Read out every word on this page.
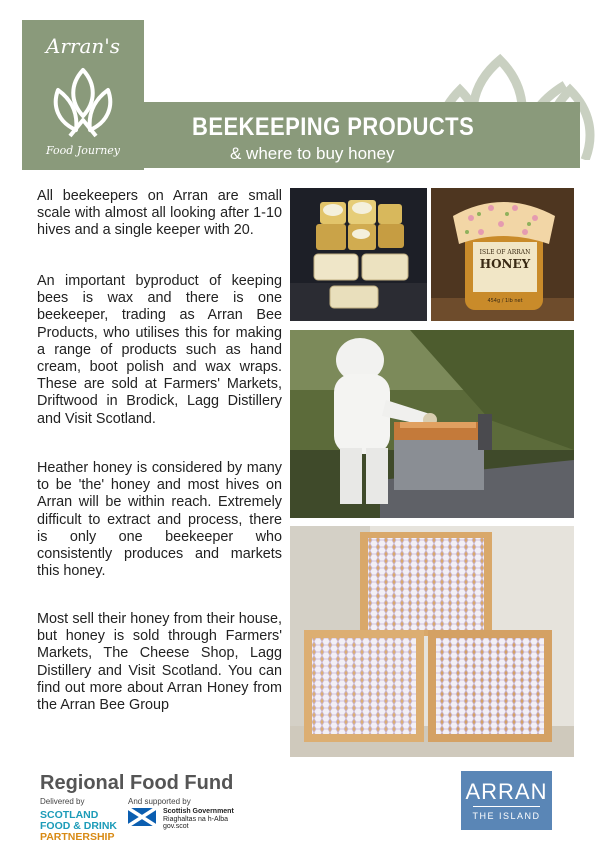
BEEKEEPING PRODUCTS
& where to buy honey
Arran's
Food Journey

All beekeepers on Arran are small scale with almost all looking after 1-10 hives and a single keeper with 20.

An important byproduct of keeping bees is wax and there is one beekeeper, trading as Arran Bee Products, who utilises this for making a range of products such as hand cream, boot polish and wax wraps. These are sold at Farmers' Markets, Driftwood in Brodick, Lagg Distillery and Visit Scotland.

Heather honey is considered by many to be 'the' honey and most hives on Arran will be within reach. Extremely difficult to extract and process, there is only one beekeeper who consistently produces and markets this honey.

Most sell their honey from their house, but honey is sold through Farmers' Markets, The Cheese Shop, Lagg Distillery and Visit Scotland. You can find out more about Arran Honey from the Arran Bee Group

ISLE OF ARRAN
HONEY
454g / 1lb net
Regional Food Fund
Delivered by	And supported by
SCOTLAND
FOOD & DRINK
PARTNERSHIP
Scottish Government
Riaghaltas na h-Alba
gov.scot
ARRAN
THE ISLAND
